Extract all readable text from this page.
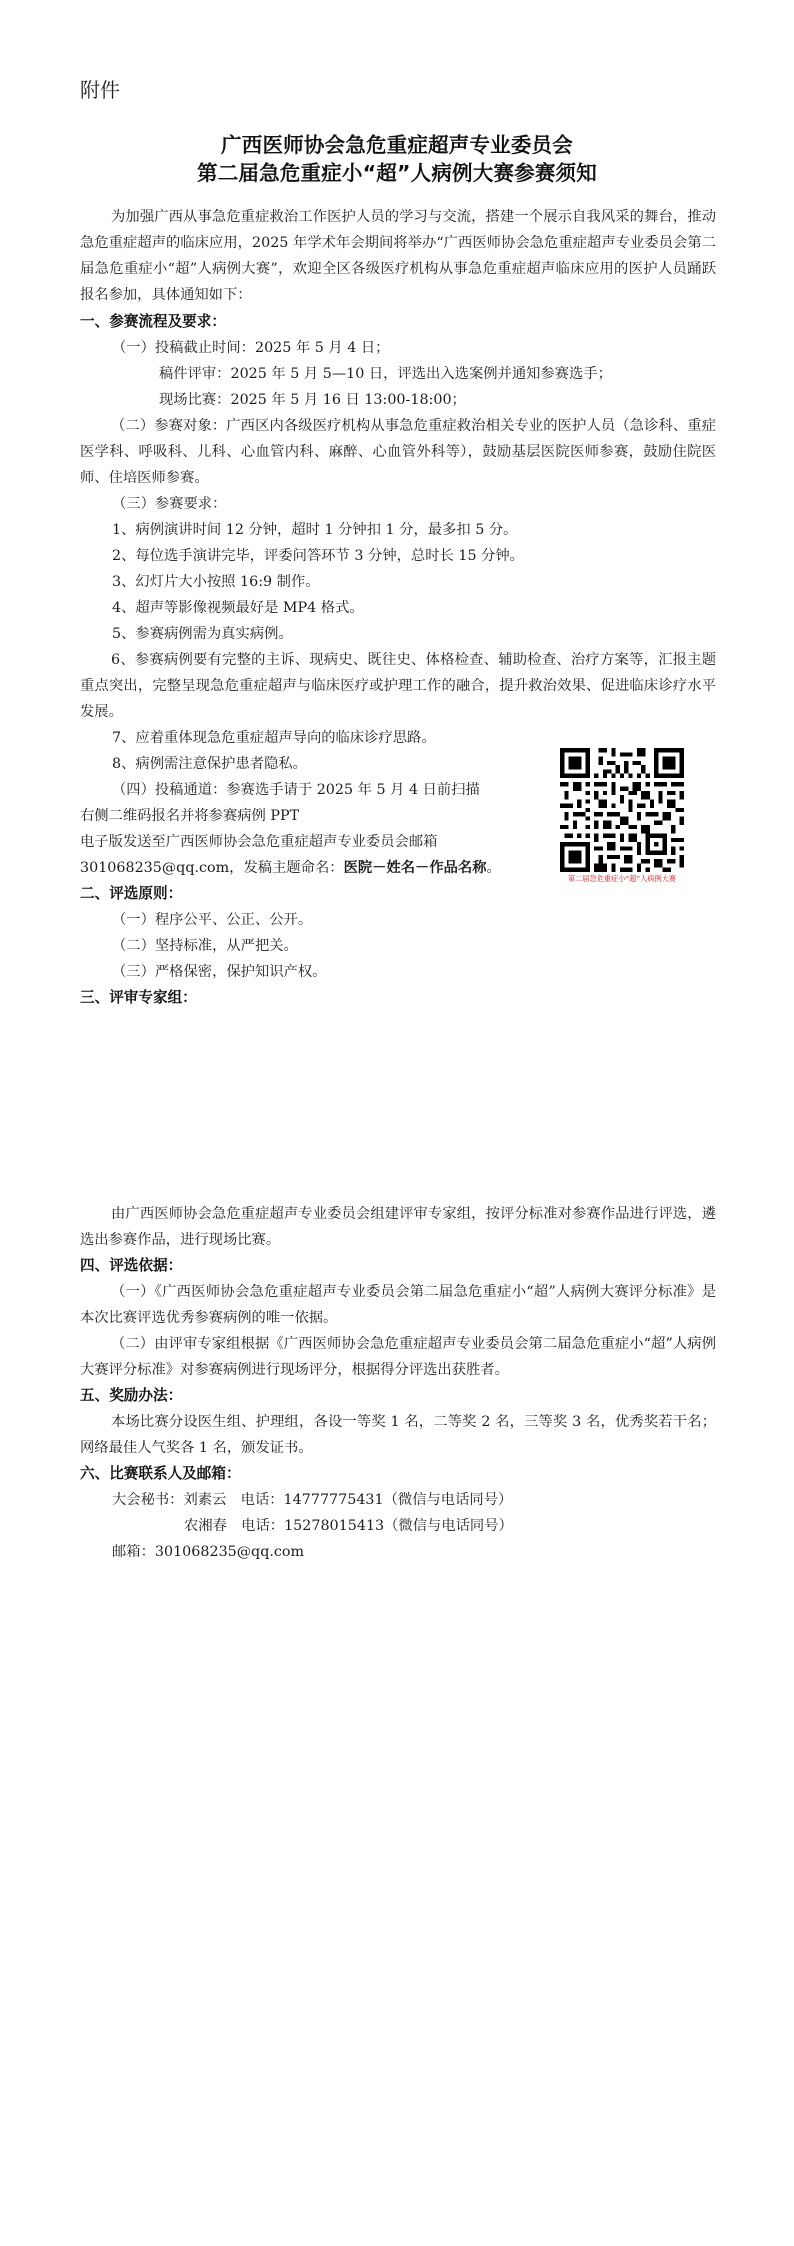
附件
广西医师协会急危重症超声专业委员会
第二届急危重症小“超”人病例大赛参赛须知
为加强广西从事急危重症救治工作医护人员的学习与交流，搭建一个展示自我风采的舞台，推动急危重症超声的临床应用，2025 年学术年会期间将举办“广西医师协会急危重症超声专业委员会第二届急危重症小“超”人病例大赛”，欢迎全区各级医疗机构从事急危重症超声临床应用的医护人员踊跃报名参加，具体通知如下：
一、参赛流程及要求：
（一）投稿截止时间：2025 年 5 月 4 日；
稿件评审：2025 年 5 月 5—10 日，评选出入选案例并通知参赛选手；
现场比赛：2025 年 5 月 16 日 13:00-18:00；
（二）参赛对象：广西区内各级医疗机构从事急危重症救治相关专业的医护人员（急诊科、重症医学科、呼吸科、儿科、心血管内科、麻醉、心血管外科等），鼓励基层医院医师参赛，鼓励住院医师、住培医师参赛。
（三）参赛要求：
1、病例演讲时间 12 分钟，超时 1 分钟扣 1 分，最多扣 5 分。
2、每位选手演讲完毕，评委问答环节 3 分钟，总时长 15 分钟。
3、幻灯片大小按照 16:9 制作。
4、超声等影像视频最好是 MP4 格式。
5、参赛病例需为真实病例。
6、参赛病例要有完整的主诉、现病史、既往史、体格检查、辅助检查、治疗方案等，汇报主题重点突出，完整呈现急危重症超声与临床医疗或护理工作的融合，提升救治效果、促进临床诊疗水平发展。
7、应着重体现急危重症超声导向的临床诊疗思路。
8、病例需注意保护患者隐私。
（四）投稿通道：参赛选手请于 2025 年 5 月 4 日前扫描
右侧二维码报名并将参赛病例 PPT
电子版发送至广西医师协会急危重症超声专业委员会邮箱
301068235@qq.com，发稿主题命名：医院－姓名－作品名称。
第二届急危重症小“超”人病例大赛
二、评选原则：
（一）程序公平、公正、公开。
（二）坚持标准，从严把关。
（三）严格保密，保护知识产权。
三、评审专家组：
由广西医师协会急危重症超声专业委员会组建评审专家组，按评分标准对参赛作品进行评选，遴选出参赛作品，进行现场比赛。
四、评选依据：
（一）《广西医师协会急危重症超声专业委员会第二届急危重症小“超”人病例大赛评分标准》是本次比赛评选优秀参赛病例的唯一依据。
（二）由评审专家组根据《广西医师协会急危重症超声专业委员会第二届急危重症小“超”人病例大赛评分标准》对参赛病例进行现场评分，根据得分评选出获胜者。
五、奖励办法：
本场比赛分设医生组、护理组，各设一等奖 1 名，二等奖 2 名，三等奖 3 名，优秀奖若干名；网络最佳人气奖各 1 名，颁发证书。
六、比赛联系人及邮箱：
大会秘书：刘素云　电话：14777775431（微信与电话同号）
农湘春　电话：15278015413（微信与电话同号）
邮箱：301068235@qq.com
